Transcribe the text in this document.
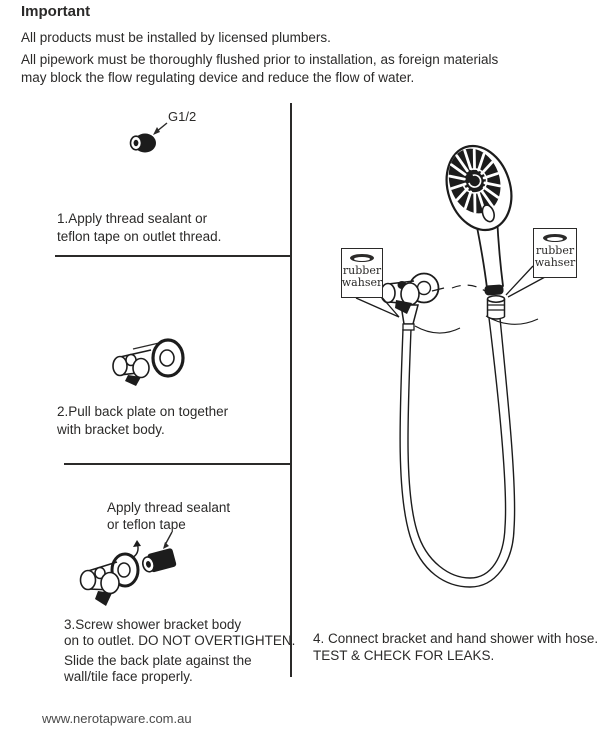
Important
All products must be installed by licensed plumbers.
All pipework must be thoroughly flushed prior to installation, as foreign materials
may block the flow regulating device and reduce the flow of water.
G1/2
1.Apply thread sealant or
teflon tape on outlet thread.
2.Pull back plate on together
with bracket body.
Apply thread sealant
or teflon tape
3.Screw shower bracket body
on to outlet. DO NOT OVERTIGHTEN.
Slide the back plate against the
wall/tile face properly.
rubber
wahser
rubber
wahser
4. Connect bracket and hand shower with hose.
TEST & CHECK FOR LEAKS.
www.nerotapware.com.au
